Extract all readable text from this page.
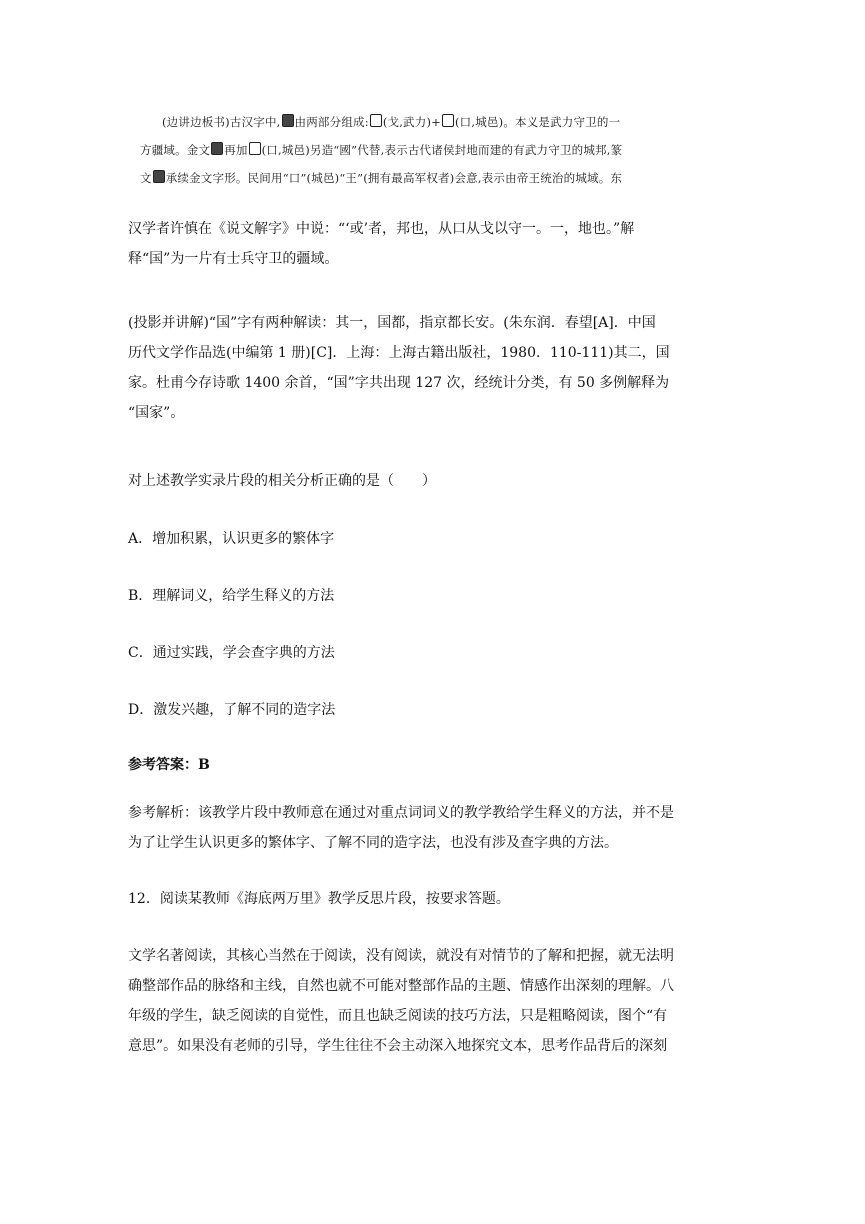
(边讲边板书)古汉字中, 由两部分组成: (戈,武力)+ (口,城邑)。本义是武力守卫的一
方疆域。金文 再加 (口,城邑)另造“國”代替,表示古代诸侯封地而建的有武力守卫的城邦,篆
文 承续金文字形。民间用“口”(城邑)“王”(拥有最高军权者)会意,表示由帝王统治的城域。东
汉学者许慎在《说文解字》中说：“‘或’者，邦也，从口从戈以守一。一，地也。”解
释“国”为一片有士兵守卫的疆域。
(投影并讲解)“国”字有两种解读：其一，国都，指京都长安。(朱东润．春望[A]．中国
历代文学作品选(中编第 1 册)[C]．上海：上海古籍出版社，1980．110-111)其二，国
家。杜甫今存诗歌 1400 余首，“国”字共出现 127 次，经统计分类，有 50 多例解释为
“国家”。
对上述教学实录片段的相关分析正确的是（　　）
A．增加积累，认识更多的繁体字
B．理解词义，给学生释义的方法
C．通过实践，学会查字典的方法
D．激发兴趣，了解不同的造字法
参考答案：B
参考解析：该教学片段中教师意在通过对重点词词义的教学教给学生释义的方法，并不是
为了让学生认识更多的繁体字、了解不同的造字法，也没有涉及查字典的方法。
12．阅读某教师《海底两万里》教学反思片段，按要求答题。
文学名著阅读，其核心当然在于阅读，没有阅读，就没有对情节的了解和把握，就无法明
确整部作品的脉络和主线，自然也就不可能对整部作品的主题、情感作出深刻的理解。八
年级的学生，缺乏阅读的自觉性，而且也缺乏阅读的技巧方法，只是粗略阅读，图个“有
意思”。如果没有老师的引导，学生往往不会主动深入地探究文本，思考作品背后的深刻
